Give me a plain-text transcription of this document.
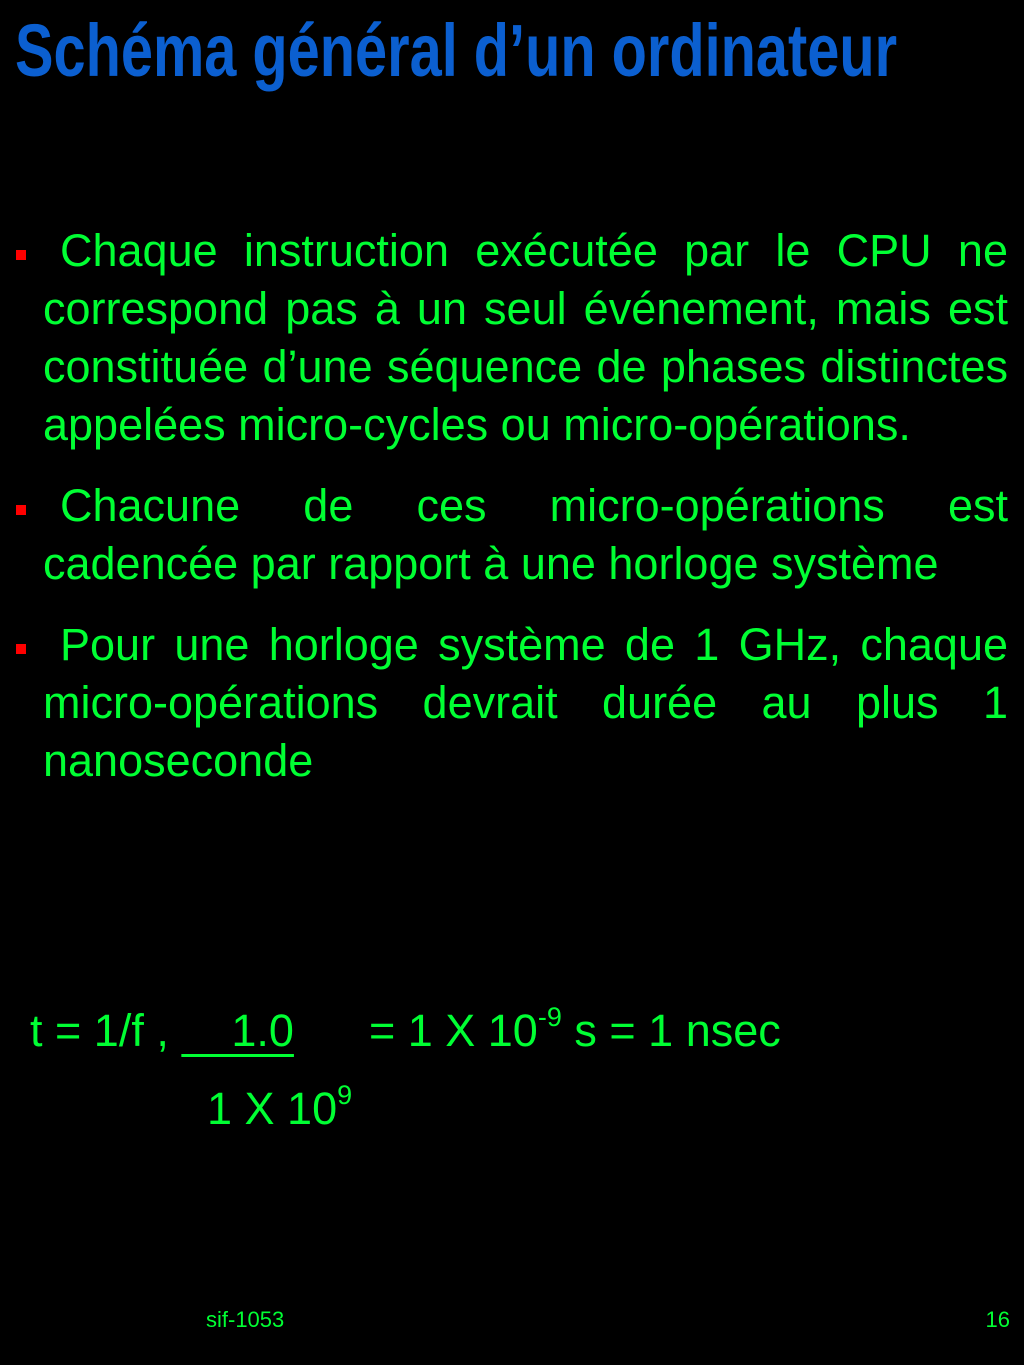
Schéma général d’un ordinateur
Chaque instruction exécutée par le CPU ne correspond pas à un seul événement, mais est constituée d’une séquence de phases distinctes appelées micro-cycles ou micro-opérations.
Chacune de ces micro-opérations est cadencée par rapport à une horloge système
Pour une horloge système de 1 GHz, chaque micro-opérations devrait durée au plus 1 nanoseconde
t = 1/f ,     1.0 = 1 X $10^{-9}$ s = 1 nsec
1 X $10^9$
sif-1053	16
